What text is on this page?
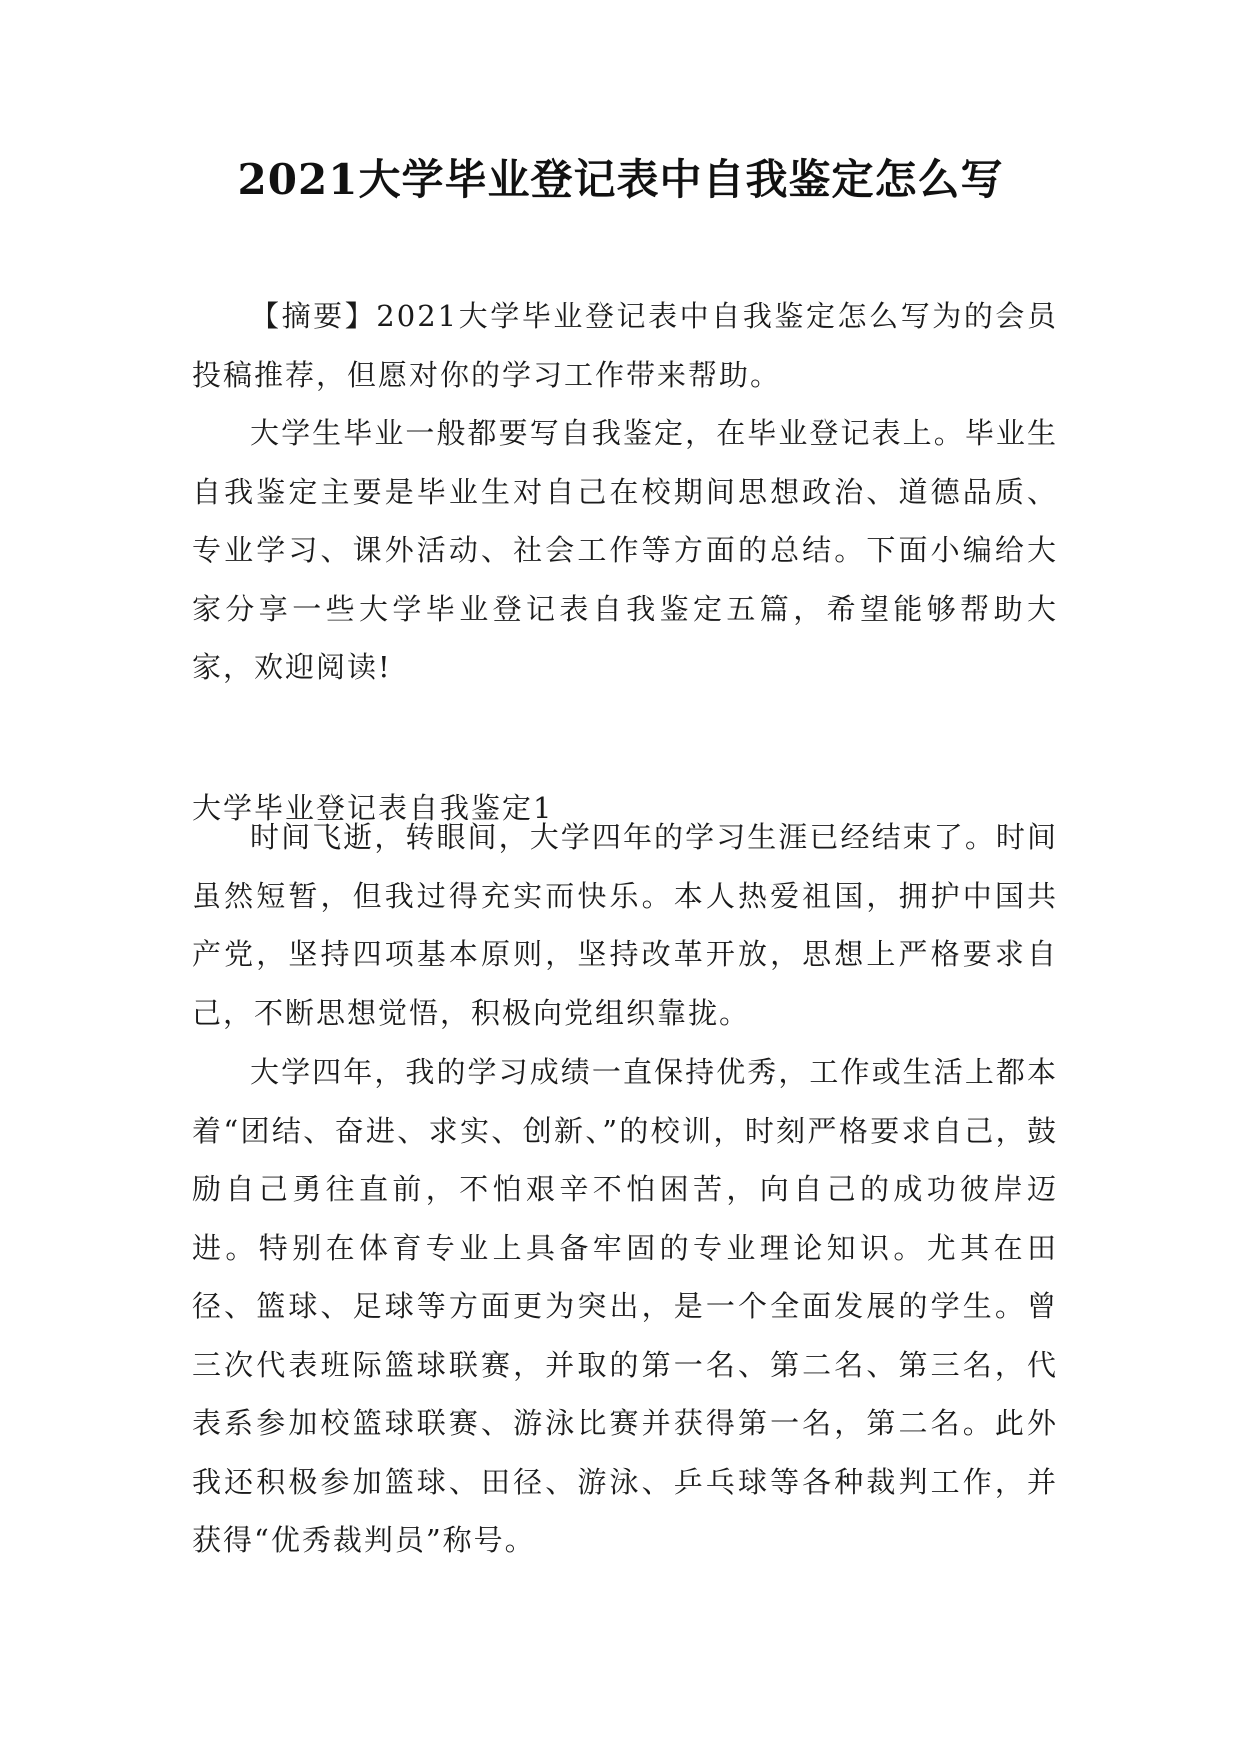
2021大学毕业登记表中自我鉴定怎么写

【摘要】2021大学毕业登记表中自我鉴定怎么写为的会员投稿推荐，但愿对你的学习工作带来帮助。

大学生毕业一般都要写自我鉴定，在毕业登记表上。毕业生自我鉴定主要是毕业生对自己在校期间思想政治、道德品质、专业学习、课外活动、社会工作等方面的总结。下面小编给大家分享一些大学毕业登记表自我鉴定五篇，希望能够帮助大家，欢迎阅读!

大学毕业登记表自我鉴定1

时间飞逝，转眼间，大学四年的学习生涯已经结束了。时间虽然短暂，但我过得充实而快乐。本人热爱祖国，拥护中国共产党，坚持四项基本原则，坚持改革开放，思想上严格要求自己，不断思想觉悟，积极向党组织靠拢。

大学四年，我的学习成绩一直保持优秀，工作或生活上都本着“团结、奋进、求实、创新、”的校训，时刻严格要求自己，鼓励自己勇往直前，不怕艰辛不怕困苦，向自己的成功彼岸迈进。特别在体育专业上具备牢固的专业理论知识。尤其在田径、篮球、足球等方面更为突出，是一个全面发展的学生。曾三次代表班际篮球联赛，并取的第一名、第二名、第三名，代表系参加校篮球联赛、游泳比赛并获得第一名，第二名。此外我还积极参加篮球、田径、游泳、乒乓球等各种裁判工作，并获得“优秀裁判员”称号。
